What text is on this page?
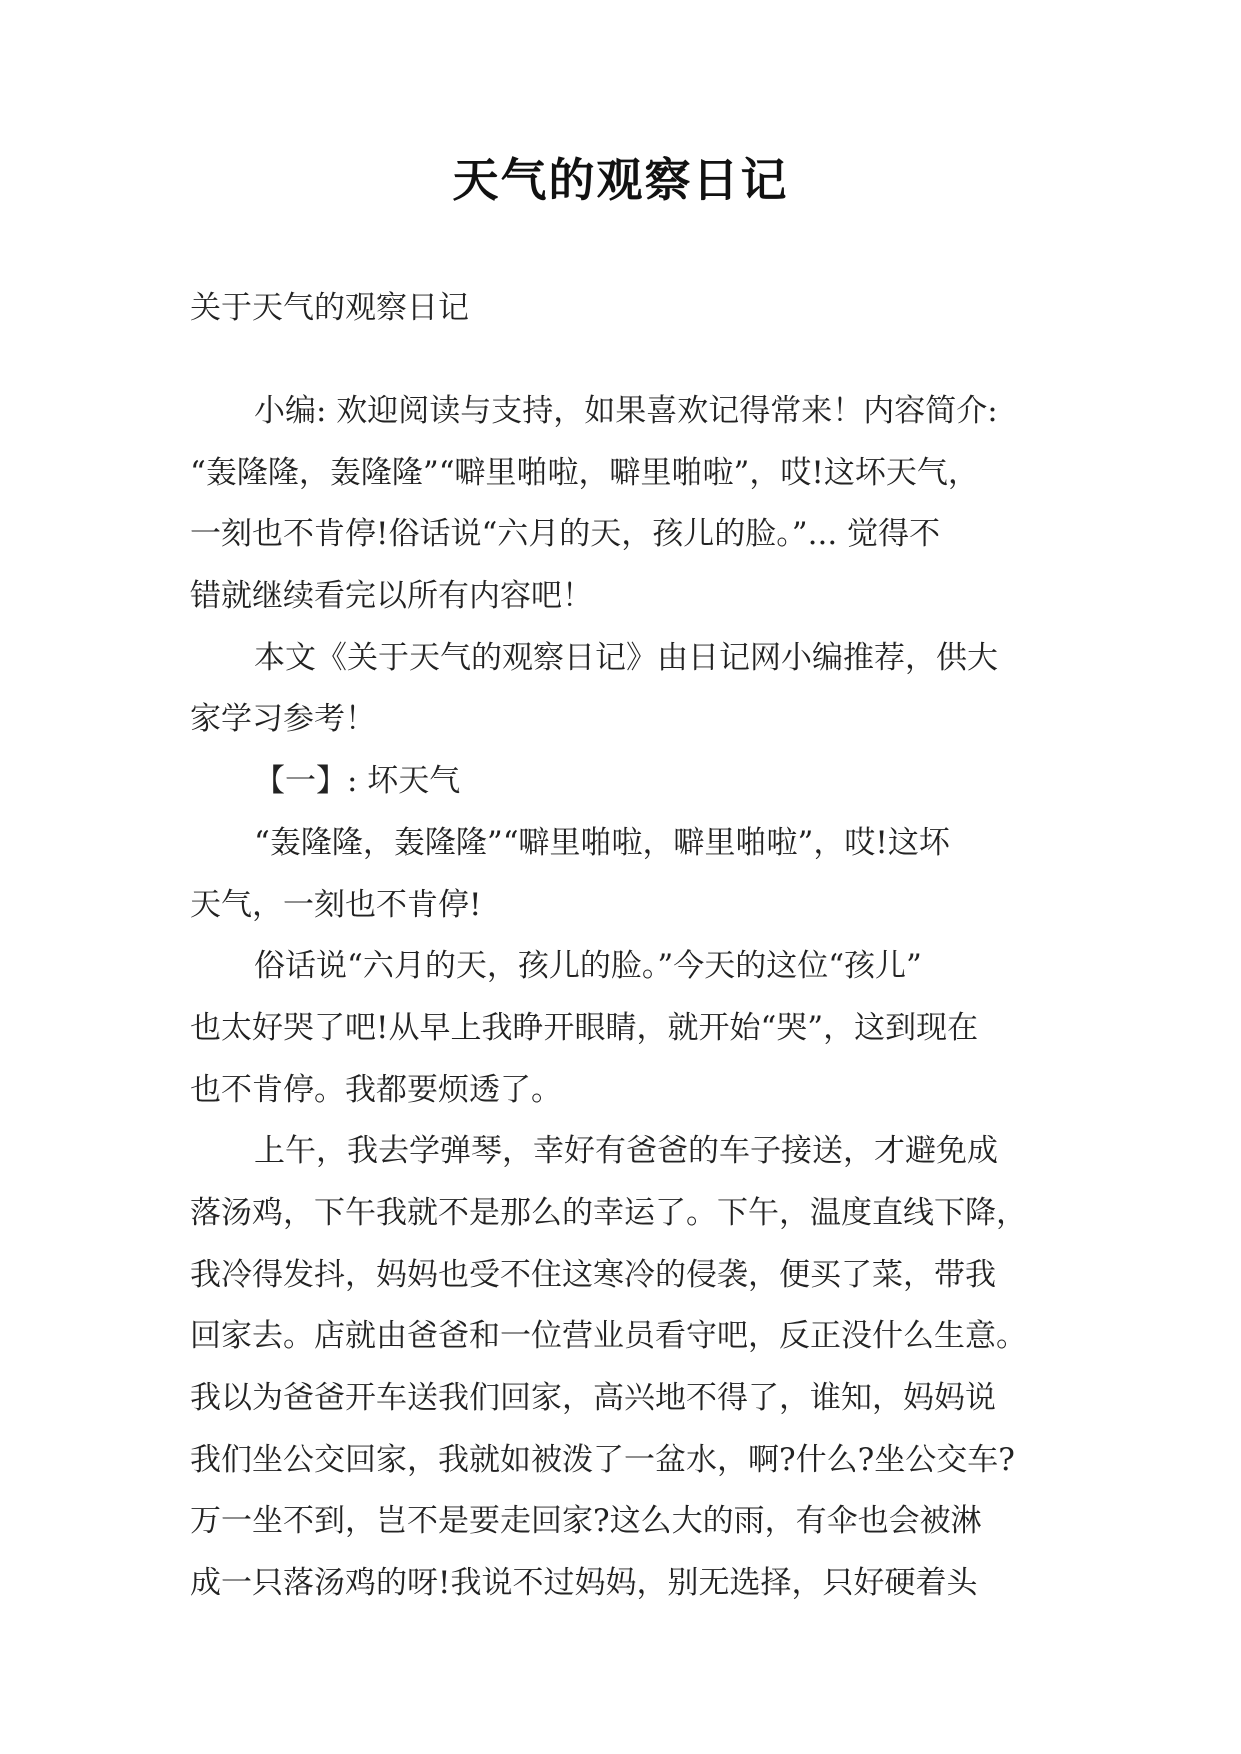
天气的观察日记
关于天气的观察日记
小编: 欢迎阅读与支持，如果喜欢记得常来！内容简介:
“轰隆隆，轰隆隆”“噼里啪啦，噼里啪啦”，哎!这坏天气，
一刻也不肯停!俗话说“六月的天，孩儿的脸。”... 觉得不
错就继续看完以所有内容吧！
本文《关于天气的观察日记》由日记网小编推荐，供大
家学习参考！
【一】: 坏天气
“轰隆隆，轰隆隆”“噼里啪啦，噼里啪啦”，哎!这坏
天气，一刻也不肯停!
俗话说“六月的天，孩儿的脸。”今天的这位“孩儿”
也太好哭了吧!从早上我睁开眼睛，就开始“哭”，这到现在
也不肯停。我都要烦透了。
上午，我去学弹琴，幸好有爸爸的车子接送，才避免成
落汤鸡，下午我就不是那么的幸运了。下午，温度直线下降，
我冷得发抖，妈妈也受不住这寒冷的侵袭，便买了菜，带我
回家去。店就由爸爸和一位营业员看守吧，反正没什么生意。
我以为爸爸开车送我们回家，高兴地不得了，谁知，妈妈说
我们坐公交回家，我就如被泼了一盆水，啊?什么?坐公交车?
万一坐不到，岂不是要走回家?这么大的雨，有伞也会被淋
成一只落汤鸡的呀!我说不过妈妈，别无选择，只好硬着头
